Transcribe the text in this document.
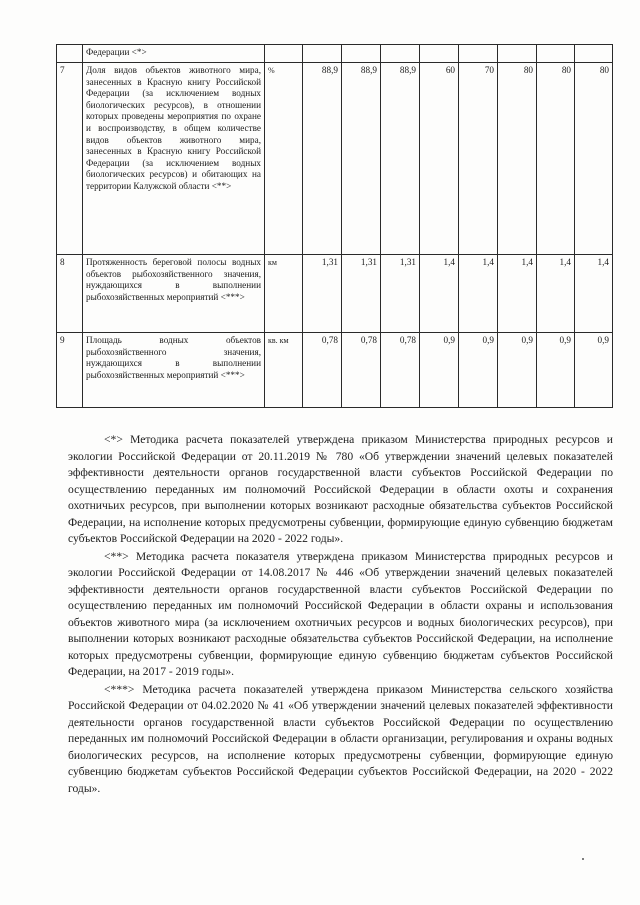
	Федерации <*>									
7	Доля видов объектов животного мира, занесенных в Красную книгу Российской Федерации (за исключением водных биологических ресурсов), в отношении которых проведены мероприятия по охране и воспроизводству, в общем количестве видов объектов животного мира, занесенных в Красную книгу Российской Федерации (за исключением водных биологических ресурсов) и обитающих на территории Калужской области <**>	%	88,9	88,9	88,9	60	70	80	80	80
8	Протяженность береговой полосы водных объектов рыбохозяйственного значения, нуждающихся в выполнении рыбохозяйственных мероприятий <***>	км	1,31	1,31	1,31	1,4	1,4	1,4	1,4	1,4
9	Площадь водных объектов рыбохозяйственного значения, нуждающихся в выполнении рыбохозяйственных мероприятий <***>	кв. км	0,78	0,78	0,78	0,9	0,9	0,9	0,9	0,9

<*> Методика расчета показателей утверждена приказом Министерства природных ресурсов и экологии Российской Федерации от 20.11.2019 № 780 «Об утверждении значений целевых показателей эффективности деятельности органов государственной власти субъектов Российской Федерации по осуществлению переданных им полномочий Российской Федерации в области охоты и сохранения охотничьих ресурсов, при выполнении которых возникают расходные обязательства субъектов Российской Федерации, на исполнение которых предусмотрены субвенции, формирующие единую субвенцию бюджетам субъектов Российской Федерации на 2020 - 2022 годы».

<**> Методика расчета показателя утверждена приказом Министерства природных ресурсов и экологии Российской Федерации от 14.08.2017 № 446 «Об утверждении значений целевых показателей эффективности деятельности органов государственной власти субъектов Российской Федерации по осуществлению переданных им полномочий Российской Федерации в области охраны и использования объектов животного мира (за исключением охотничьих ресурсов и водных биологических ресурсов), при выполнении которых возникают расходные обязательства субъектов Российской Федерации, на исполнение которых предусмотрены субвенции, формирующие единую субвенцию бюджетам субъектов Российской Федерации, на 2017 - 2019 годы».

<***> Методика расчета показателей утверждена приказом Министерства сельского хозяйства Российской Федерации от 04.02.2020 № 41 «Об утверждении значений целевых показателей эффективности деятельности органов государственной власти субъектов Российской Федерации по осуществлению переданных им полномочий Российской Федерации в области организации, регулирования и охраны водных биологических ресурсов, на исполнение которых предусмотрены субвенции, формирующие единую субвенцию бюджетам субъектов Российской Федерации субъектов Российской Федерации, на 2020 - 2022 годы».
